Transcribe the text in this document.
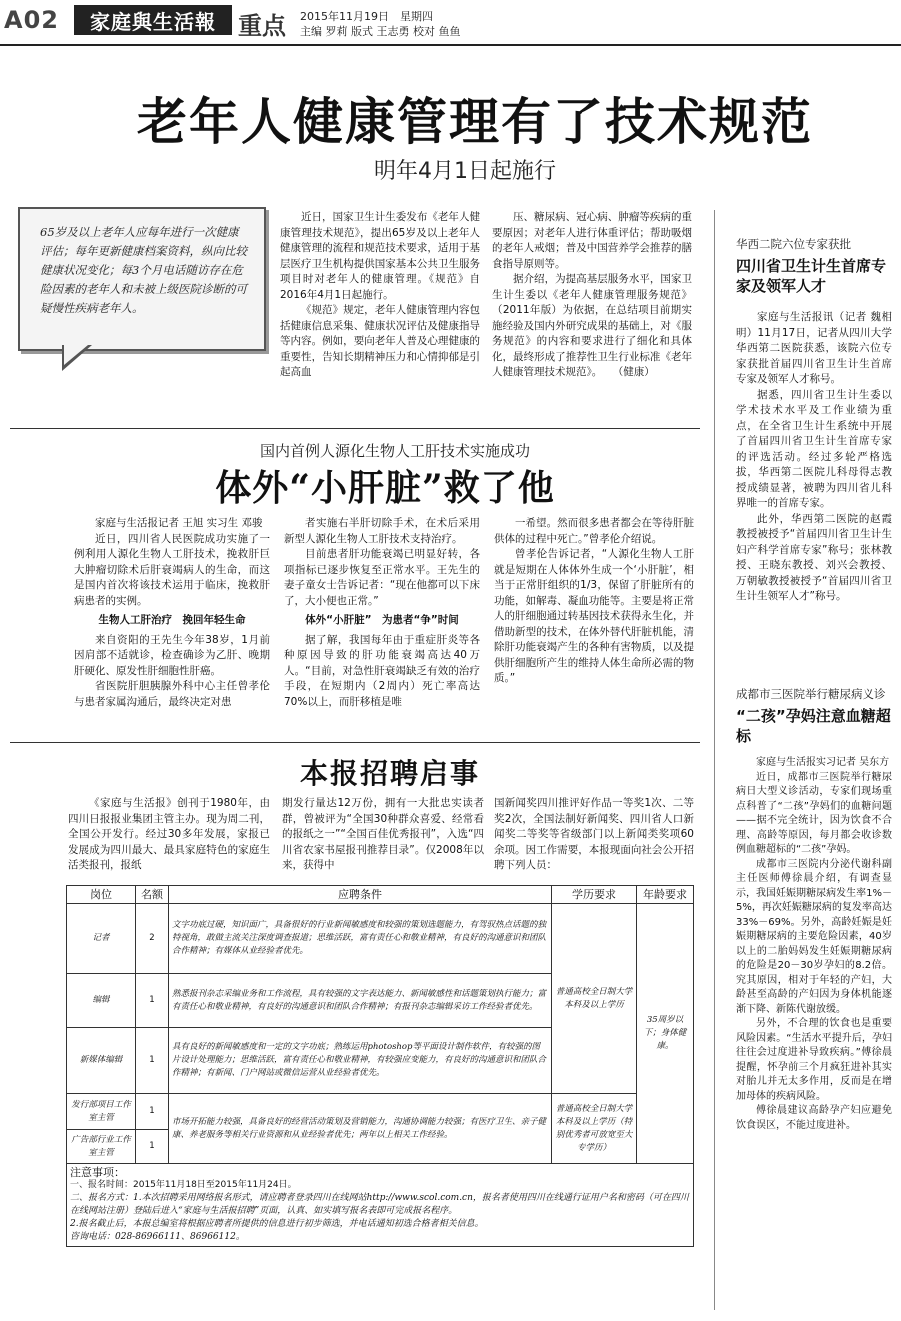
A02	家庭與生活報 重点 2015年11月19日　星期四
主编 罗莉 版式 王志勇 校对 鱼鱼
老年人健康管理有了技术规范
明年4月1日起施行
65岁及以上老年人应每年进行一次健康评估；每年更新健康档案资料，纵向比较健康状况变化；每3个月电话随访存在危险因素的老年人和未被上级医院诊断的可疑慢性疾病老年人。

近日，国家卫生计生委发布《老年人健康管理技术规范》，提出65岁及以上老年人健康管理的流程和规范技术要求，适用于基层医疗卫生机构提供国家基本公共卫生服务项目时对老年人的健康管理。《规范》自2016年4月1日起施行。

《规范》规定，老年人健康管理内容包括健康信息采集、健康状况评估及健康指导等内容。例如，要向老年人普及心理健康的重要性，告知长期精神压力和心情抑郁是引起高血

压、糖尿病、冠心病、肿瘤等疾病的重要原因；对老年人进行体重评估；帮助吸烟的老年人戒烟；普及中国营养学会推荐的膳食指导原则等。

据介绍，为提高基层服务水平，国家卫生计生委以《老年人健康管理服务规范》（2011年版）为依据，在总结项目前期实施经验及国内外研究成果的基础上，对《服务规范》的内容和要求进行了细化和具体化，最终形成了推荐性卫生行业标准《老年人健康管理技术规范》。　　（健康）

国内首例人源化生物人工肝技术实施成功
体外“小肝脏”救了他

家庭与生活报记者 王旭 实习生 邓骏

近日，四川省人民医院成功实施了一例利用人源化生物人工肝技术，挽救肝巨大肿瘤切除术后肝衰竭病人的生命，而这是国内首次将该技术运用于临床，挽救肝病患者的实例。

生物人工肝治疗　挽回年轻生命

来自资阳的王先生今年38岁，1月前因肩部不适就诊，检查确诊为乙肝、晚期肝硬化、原发性肝细胞性肝癌。

省医院肝胆胰腺外科中心主任曾孝伦与患者家属沟通后，最终决定对患

者实施右半肝切除手术，在术后采用新型人源化生物人工肝技术支持治疗。

目前患者肝功能衰竭已明显好转，各项指标已逐步恢复至正常水平。王先生的妻子童女士告诉记者：“现在他都可以下床了，大小便也正常。”

体外“小肝脏”　为患者“争”时间

据了解，我国每年由于重症肝炎等各种原因导致的肝功能衰竭高达40万人。“目前，对急性肝衰竭缺乏有效的治疗手段，在短期内（2周内）死亡率高达70%以上，而肝移植是唯

一希望。然而很多患者都会在等待肝脏供体的过程中死亡。”曾孝伦介绍说。

曾孝伦告诉记者，“人源化生物人工肝就是短期在人体体外生成一个‘小肝脏’，相当于正常肝组织的1/3，保留了肝脏所有的功能，如解毒、凝血功能等。主要是将正常人的肝细胞通过转基因技术获得永生化，并借助新型的技术，在体外替代肝脏机能，清除肝功能衰竭产生的各种有害物质，以及提供肝细胞所产生的维持人体生命所必需的物质。”

本报招聘启事

《家庭与生活报》创刊于1980年，由四川日报报业集团主管主办。现为周二刊，全国公开发行。经过30多年发展，家报已发展成为四川最大、最具家庭特色的家庭生活类报刊，报纸

期发行量达12万份，拥有一大批忠实读者群，曾被评为“全国30种群众喜爱、经常看的报纸之一”“全国百佳优秀报刊”，入选“四川省农家书屋报刊推荐目录”。仅2008年以来，获得中

国新闻奖四川推评好作品一等奖1次、二等奖2次，全国法制好新闻奖、四川省人口新闻奖二等奖等省级部门以上新闻类奖项60余项。因工作需要，本报现面向社会公开招聘下列人员：

岗位	名额	应聘条件	学历要求	年龄要求
记者	2	文字功底过硬，知识面广，具备很好的行业新闻敏感度和较强的策划选题能力，有驾驭热点话题的独特视角，敢做主流关注深度调查报道；思维活跃，富有责任心和敬业精神，有良好的沟通意识和团队合作精神；有媒体从业经验者优先。	普通高校全日制大学本科及以上学历	35周岁以下；身体健康。
编辑	1	熟悉报刊杂志采编业务和工作流程，具有较强的文字表达能力、新闻敏感性和话题策划执行能力；富有责任心和敬业精神，有良好的沟通意识和团队合作精神；有报刊杂志编辑采访工作经验者优先。		
新媒体编辑	1	具有良好的新闻敏感度和一定的文字功底；熟练运用photoshop等平面设计制作软件，有较强的图片设计处理能力；思维活跃，富有责任心和敬业精神，有较强应变能力，有良好的沟通意识和团队合作精神；有新闻、门户网站或微信运营从业经验者优先。		
发行部项目工作室主管	1	市场开拓能力较强，具备良好的经营活动策划及营销能力，沟通协调能力较强；有医疗卫生、亲子健康、养老服务等相关行业资源和从业经验者优先；两年以上相关工作经验。	普通高校全日制大学本科及以上学历（特别优秀者可放宽至大专学历）	
广告部行业工作室主管	1			

注意事项：
一、报名时间：2015年11月18日至2015年11月24日。
二、报名方式：1.本次招聘采用网络报名形式，请应聘者登录四川在线网站http://www.scol.com.cn，报名者使用四川在线通行证用户名和密码（可在四川在线网站注册）登陆后进入“家庭与生活报招聘”页面，认真、如实填写报名表即可完成报名程序。
2.报名截止后，本报总编室将根据应聘者所提供的信息进行初步筛选，并电话通知初选合格者相关信息。
咨询电话：028-86966111、86966112。				
华西二院六位专家获批
四川省卫生计生首席专家及领军人才

家庭与生活报讯（记者 魏相明）11月17日，记者从四川大学华西第二医院获悉，该院六位专家获批首届四川省卫生计生首席专家及领军人才称号。

据悉，四川省卫生计生委以学术技术水平及工作业绩为重点，在全省卫生计生系统中开展了首届四川省卫生计生首席专家的评选活动。经过多轮严格选拔，华西第二医院儿科母得志教授成绩显著，被聘为四川省儿科界唯一的首席专家。

此外，华西第二医院的赵霞教授被授予“首届四川省卫生计生妇产科学首席专家”称号；张林教授、王晓东教授、刘兴会教授、万朝敏教授被授予“首届四川省卫生计生领军人才”称号。

成都市三医院举行糖尿病义诊
“二孩”孕妈注意血糖超标

家庭与生活报实习记者 吴东方

近日，成都市三医院举行糖尿病日大型义诊活动，专家们现场重点科普了“二孩”孕妈们的血糖问题——据不完全统计，因为饮食不合理、高龄等原因，每月都会收诊数例血糖超标的“二孩”孕妈。

成都市三医院内分泌代谢科副主任医师傅徐晨介绍，有调查显示，我国妊娠期糖尿病发生率1%－5%，再次妊娠糖尿病的复发率高达33%－69%。另外，高龄妊娠是妊娠期糖尿病的主要危险因素，40岁以上的二胎妈妈发生妊娠期糖尿病的危险是20－30岁孕妇的8.2倍。究其原因，相对于年轻的产妇，大龄甚至高龄的产妇因为身体机能逐渐下降、新陈代谢放缓。

另外，不合理的饮食也是重要风险因素。“生活水平提升后，孕妇往往会过度进补导致疾病。”傅徐晨提醒，怀孕前三个月疯狂进补其实对胎儿并无太多作用，反而是在增加母体的疾病风险。

傅徐晨建议高龄孕产妇应避免饮食误区，不能过度进补。
